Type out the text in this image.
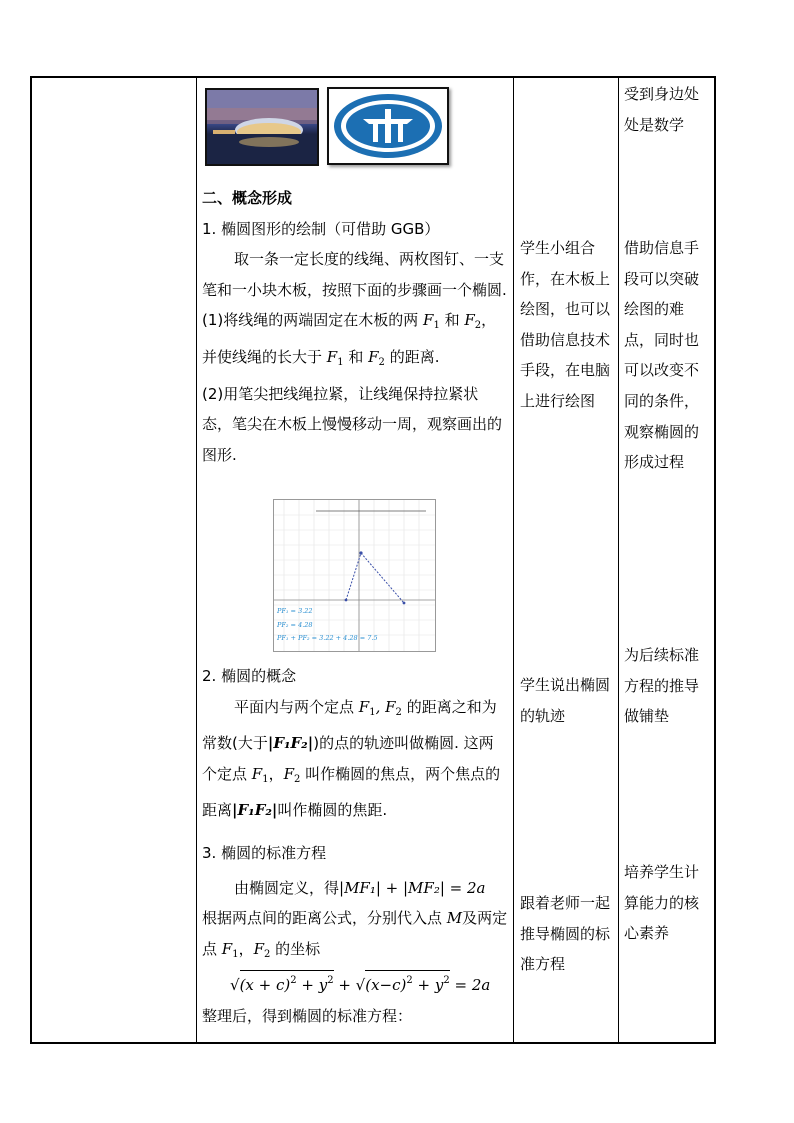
二、概念形成

1. 椭圆图形的绘制（可借助 GGB）

取一条一定长度的线绳、两枚图钉、一支笔和一小块木板，按照下面的步骤画一个椭圆.

(1)将线绳的两端固定在木板的两 $F_1$ 和 $F_2$，并使线绳的长大于 $F_1$ 和 $F_2$ 的距离.

(2)用笔尖把线绳拉紧，让线绳保持拉紧状态，笔尖在木板上慢慢移动一周，观察画出的图形.

PF₁ = 3.22
PF₂ = 4.28
PF₁ + PF₂ = 3.22 + 4.28 = 7.5

2. 椭圆的概念

平面内与两个定点 $F_1$, $F_2$ 的距离之和为常数(大于|F₁F₂|)的点的轨迹叫做椭圆. 这两个定点 $F_1$，$F_2$ 叫作椭圆的焦点，两个焦点的距离|F₁F₂|叫作椭圆的焦距.

3. 椭圆的标准方程

由椭圆定义，得|MF₁| + |MF₂| = 2a

根据两点间的距离公式，分别代入点 M及两定点 $F_1$，$F_2$ 的坐标

$√(x + c)^2 + y^2 + √(x-c)^2 + y^2 = 2a$

整理后，得到椭圆的标准方程：

学生小组合作，在木板上绘图，也可以借助信息技术手段，在电脑上进行绘图
学生说出椭圆的轨迹
跟着老师一起推导椭圆的标准方程
受到身边处处是数学
借助信息手段可以突破绘图的难点，同时也可以改变不同的条件，观察椭圆的形成过程
为后续标准方程的推导做铺垫
培养学生计算能力的核心素养
